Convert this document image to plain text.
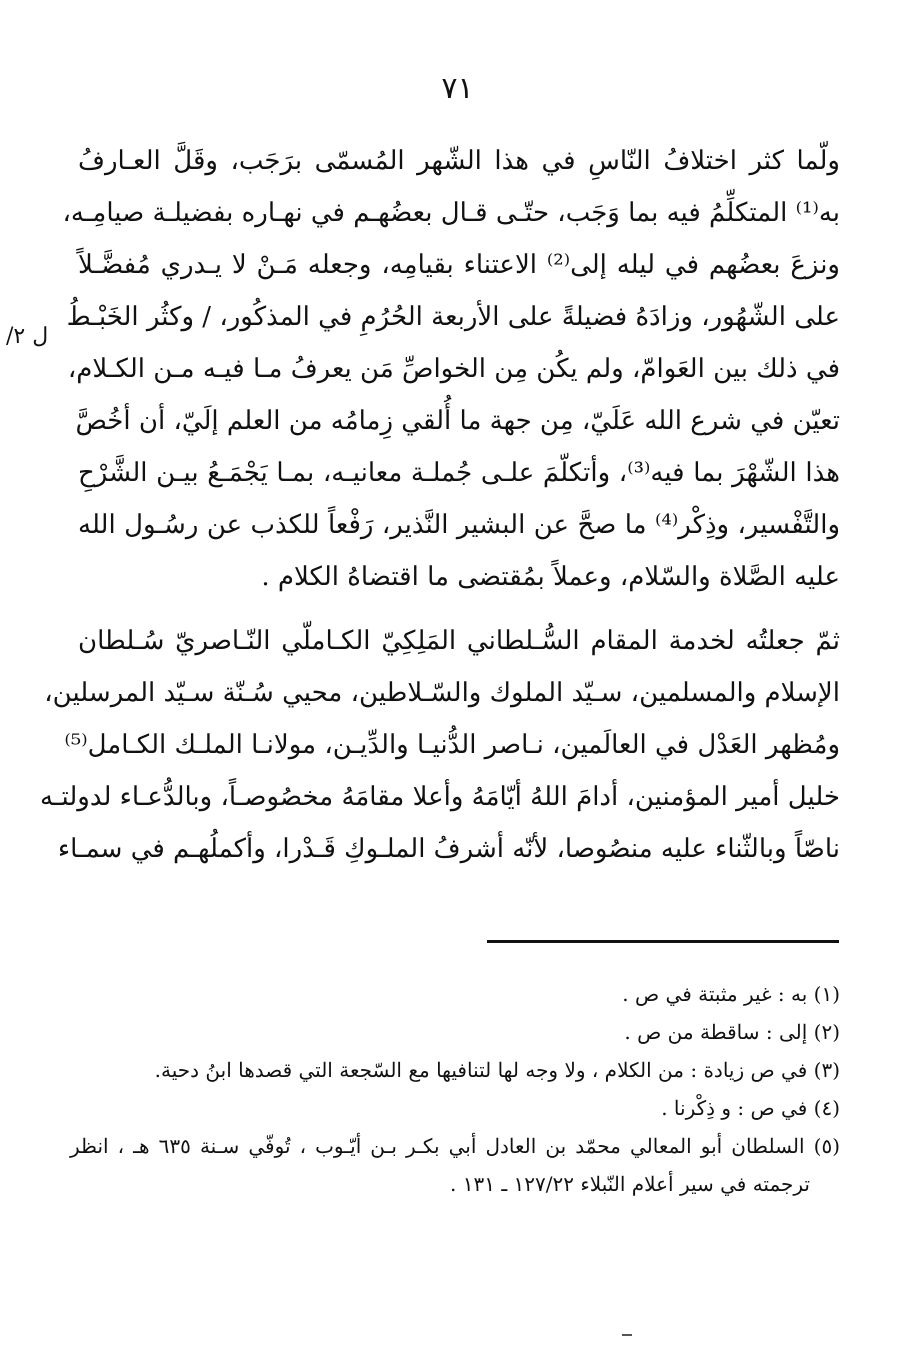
٧١
ل ٢/
ولّما كثر اختلافُ النّاسِ في هذا الشّهر المُسمّى برَجَب، وقَلَّ العـارفُ
به⁽¹⁾ المتكلِّمُ فيه بما وَجَب، حتّـى قـال بعضُهـم في نهـاره بفضيلـة صيامِـه،
ونزعَ بعضُهم في ليله إلى⁽²⁾ الاعتناء بقيامِه، وجعله مَـنْ لا يـدري مُفضَّـلاً
على الشّهُور، وزادَهُ فضيلةً على الأربعة الحُرُمِ في المذكُور، / وكثُر الخَبْـطُ
في ذلك بين العَوامّ، ولم يكُن مِن الخواصِّ مَن يعرفُ مـا فيـه مـن الكـلام،
تعيّن في شرع الله عَلَيّ، مِن جهة ما أُلقي زِمامُه من العلم إلَيّ، أن أخُصَّ
هذا الشّهْرَ بما فيه⁽³⁾، وأتكلّمَ علـى جُملـة معانيـه، بمـا يَجْمَـعُ بيـن الشَّرْحِ
والتَّفْسير، وذِكْر⁽⁴⁾ ما صحَّ عن البشير النَّذير، رَفْعاً للكذب عن رسُـول الله
عليه الصَّلاة والسّلام، وعملاً بمُقتضى ما اقتضاهُ الكلام .
ثمّ جعلتُه لخدمة المقام السُّـلطاني المَلِكِيّ الكـاملّي النّـاصريّ سُـلطان
الإسلام والمسلمين، سـيّد الملوك والسّـلاطين، محيي سُـنّة سـيّد المرسلين،
ومُظهر العَدْل في العالَمين، نـاصر الدُّنيـا والدِّيـن، مولانـا الملـك الكـامل⁽⁵⁾
خليل أمير المؤمنين، أدامَ اللهُ أيّامَهُ وأعلا مقامَهُ مخصُوصـاً، وبالدُّعـاء لدولتـه
ناصّاً وبالثّناء عليه منصُوصا، لأنّه أشرفُ الملـوكِ قَـدْرا، وأكملُهـم في سمـاء
(١) به : غير مثبتة في ص .
(٢) إلى : ساقطة من ص .
(٣) في ص زيادة : من الكلام ، ولا وجه لها لتنافيها مع السّجعة التي قصدها ابنُ دحية.
(٤) في ص : و ذِكْرنا .
(٥) السلطان أبو المعالي محمّد بن العادل أبي بكـر بـن أيّـوب ، تُوفّي سـنة ٦٣٥ هـ ، انظر
ترجمته في سير أعلام النّبلاء ١٢٧/٢٢ ـ ١٣١ .
